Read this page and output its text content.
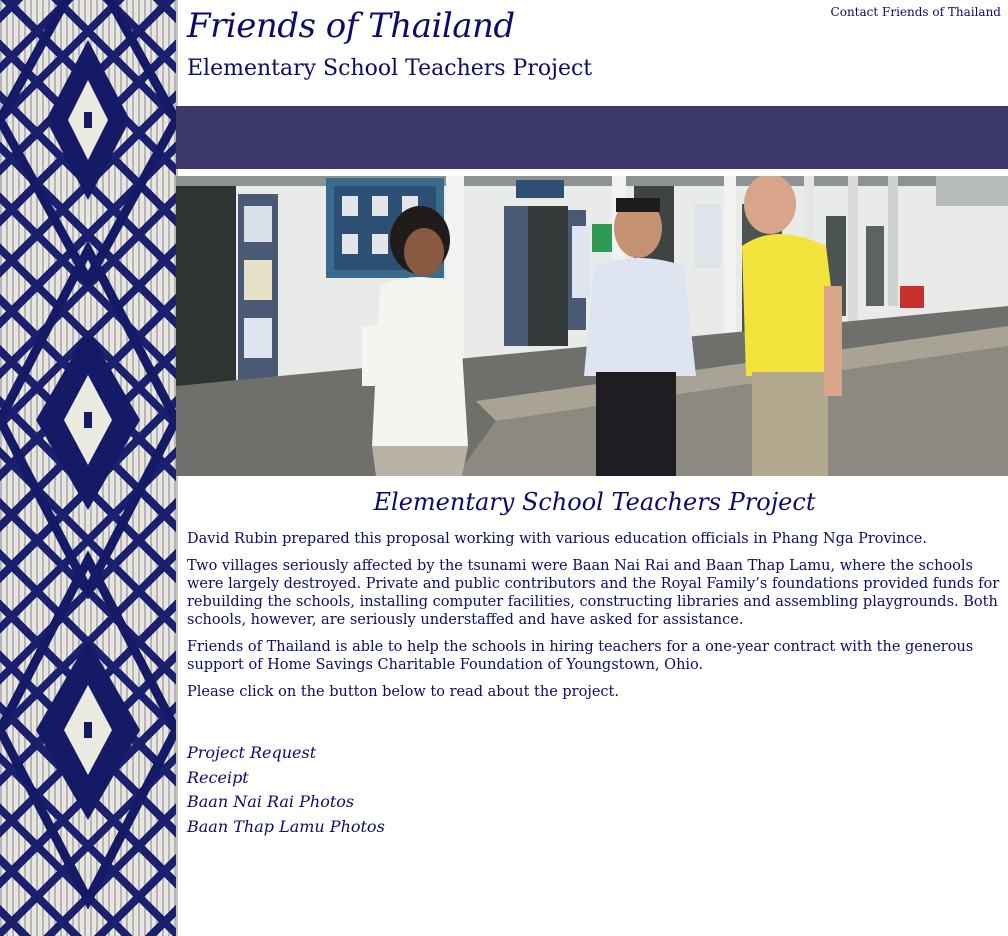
Contact Friends of Thailand
Friends of Thailand
Elementary School Teachers Project
Elementary School Teachers Project

David Rubin prepared this proposal working with various education officials in Phang Nga Province.

Two villages seriously affected by the tsunami were Baan Nai Rai and Baan Thap Lamu, where the schools were largely destroyed. Private and public contributors and the Royal Family’s foundations provided funds for rebuilding the schools, installing computer facilities, constructing libraries and assembling playgrounds. Both schools, however, are seriously understaffed and have asked for assistance.

Friends of Thailand is able to help the schools in hiring teachers for a one-year contract with the generous support of Home Savings Charitable Foundation of Youngstown, Ohio.

Please click on the button below to read about the project.

Project Request
Receipt
Baan Nai Rai Photos
Baan Thap Lamu Photos
